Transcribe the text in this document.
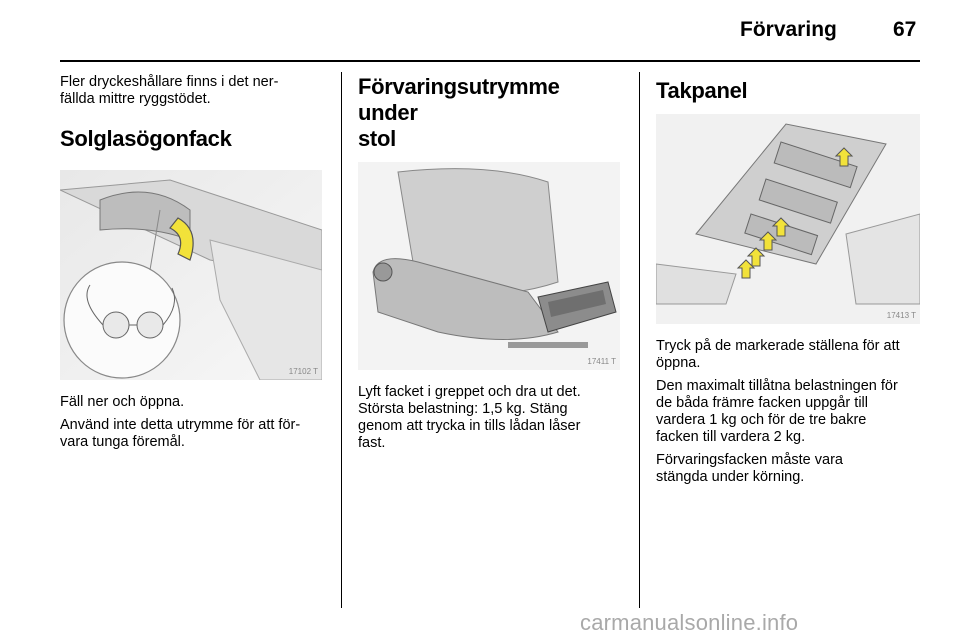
Förvaring	67

Fler dryckeshållare finns i det ner-
fällda mittre ryggstödet.

Solglasögonfack
17102 T

Fäll ner och öppna.

Använd inte detta utrymme för att för-
vara tunga föremål.

Förvaringsutrymme under
stol
17411 T

Lyft facket i greppet och dra ut det.
Största belastning: 1,5 kg. Stäng
genom att trycka in tills lådan låser
fast.

Takpanel
17413 T

Tryck på de markerade ställena för att
öppna.

Den maximalt tillåtna belastningen för
de båda främre facken uppgår till
vardera 1 kg och för de tre bakre
facken till vardera 2 kg.

Förvaringsfacken måste vara
stängda under körning.

carmanualsonline.info
